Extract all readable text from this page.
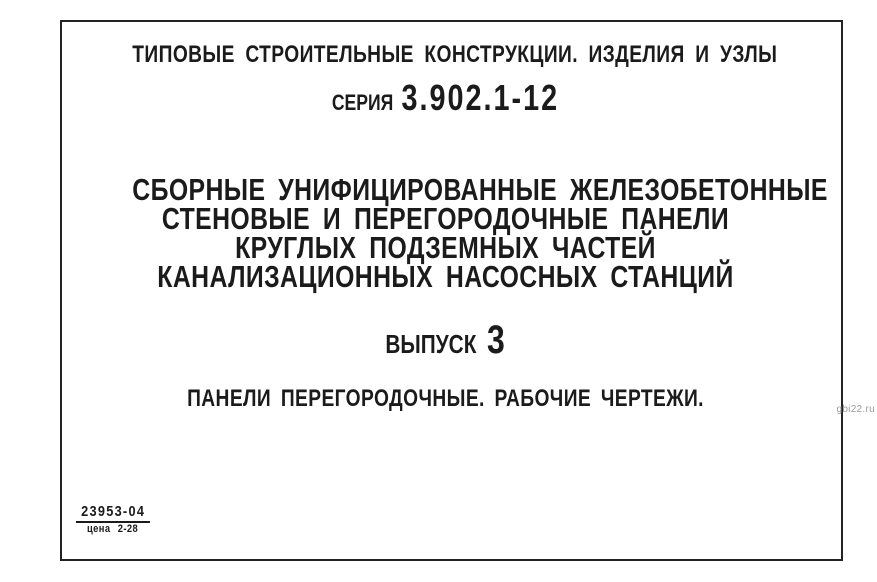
ТИПОВЫЕ СТРОИТЕЛЬНЫЕ КОНСТРУКЦИИ. ИЗДЕЛИЯ И УЗЛЫ
СЕРИЯ 3.902.1-12
СБОРНЫЕ УНИФИЦИРОВАННЫЕ ЖЕЛЕЗОБЕТОННЫЕ
СТЕНОВЫЕ И ПЕРЕГОРОДОЧНЫЕ ПАНЕЛИ
КРУГЛЫХ ПОДЗЕМНЫХ ЧАСТЕЙ
КАНАЛИЗАЦИОННЫХ НАСОСНЫХ СТАНЦИЙ
ВЫПУСК 3
ПАНЕЛИ ПЕРЕГОРОДОЧНЫЕ. РАБОЧИЕ ЧЕРТЕЖИ.
23953-04
цена 2-28
gbi22.ru
